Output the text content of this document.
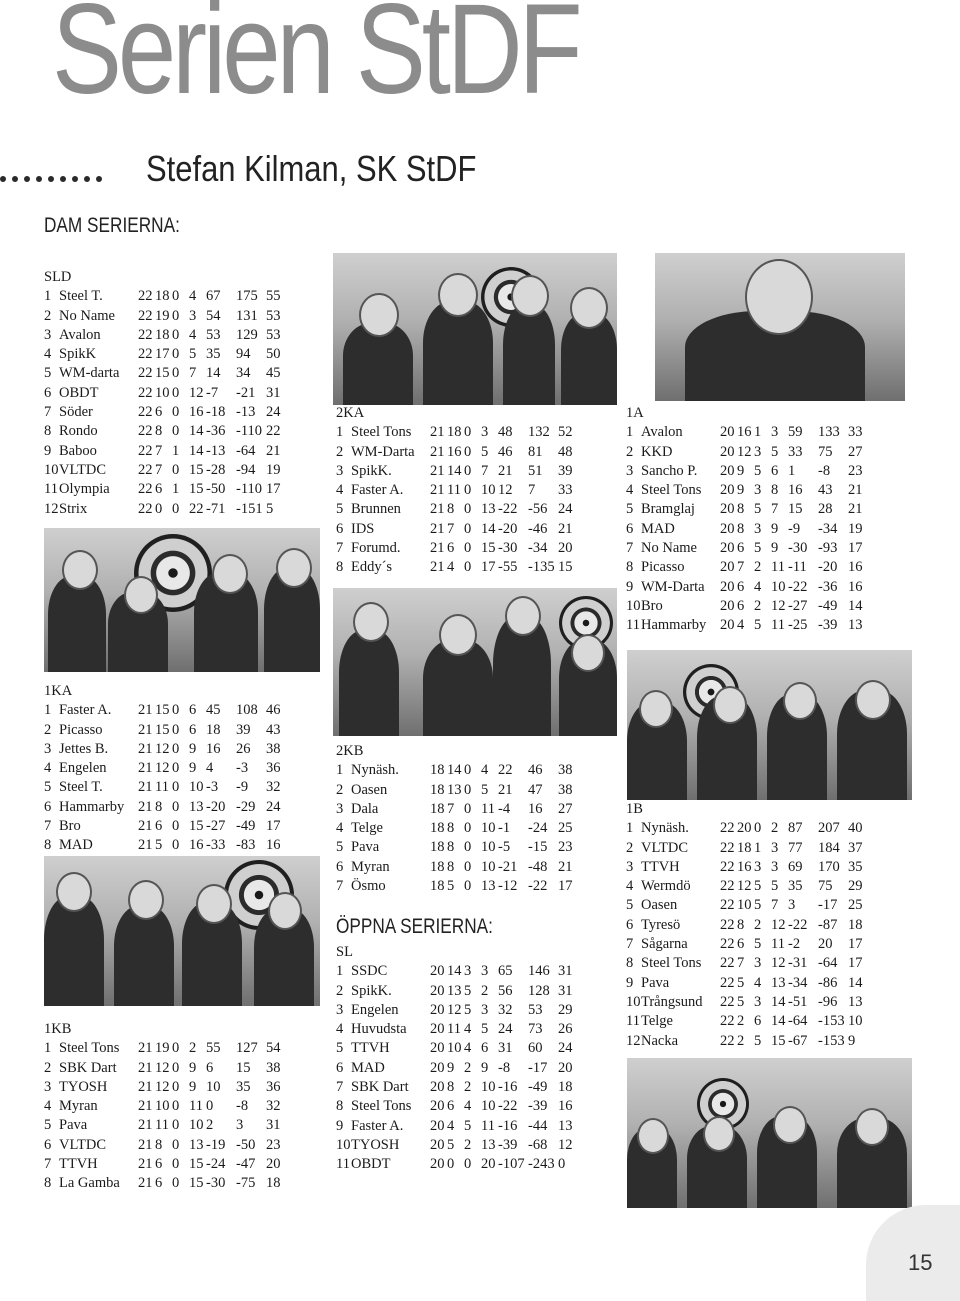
Serien StDF
Stefan Kilman, SK StDF
DAM SERIERNA:
SLD
1 Steel T.	22 18 0 4 67	175 55
2 No Name	22 19 0 3 54	131 53
3 Avalon	22 18 0 4 53	129 53
4 SpikK	22 17 0 5 35	94	50
5 WM-darta	22 15 0 7 14	34	45
6 OBDT	22 10 0 12 -7	-21 31
7 Söder	22 6 0 16 -18 -13 24
8 Rondo	22 8 0 14 -36 -110 22
9 Baboo	22 7 1 14 -13 -64 21
10 VLTDC	22 7 0 15 -28 -94 19
11 Olympia	22 6 1 15 -50 -110 17
12 Strix	22 0 0 22 -71 -151 5
2KA
1 Steel Tons	21 18 0 3 48	132 52
2 WM-Darta	21 16 0 5 46	81	48
3 SpikK.	21 14 0 7 21	51	39
4 Faster A.	21 11 0 10 12	7	33
5 Brunnen	21 8 0 13 -22 -56 24
6 IDS	21 7 0 14 -20 -46 21
7 Forumd.	21 6 0 15 -30 -34 20
8 Eddy´s	21 4 0 17 -55 -135 15
1A
1 Avalon	20 16 1 3 59	133 33
2 KKD	20 12 3 5 33	75	27
3 Sancho P.	20 9 5 6 1	-8	23
4 Steel Tons	20 9 3 8 16	43	21
5 Bramglaj	20 8 5 7 15	28	21
6 MAD	20 8 3 9 -9	-34 19
7 No Name	20 6 5 9 -30 -93 17
8 Picasso	20 7 2 11 -11 -20 16
9 WM-Darta	20 6 4 10 -22 -36 16
10 Bro	20 6 2 12 -27 -49 14
11 Hammarby 20 4 5 11 -25 -39 13
1KA
1 Faster A.	21 15 0 6 45	108 46
2 Picasso	21 15 0 6 18	39	43
3 Jettes B.	21 12 0 9 16	26	38
4 Engelen	21 12 0 9 4	-3	36
5 Steel T.	21 11 0 10 -3	-9	32
6 Hammarby 21 8 0 13 -20 -29 24
7 Bro	21 6 0 15 -27 -49 17
8 MAD	21 5 0 16 -33 -83 16
2KB
1 Nynäsh.	18 14 0 4 22	46	38
2 Oasen	18 13 0 5 21	47	38
3 Dala	18 7 0 11 -4	16	27
4 Telge	18 8 0 10 -1	-24 25
5 Pava	18 8 0 10 -5	-15 23
6 Myran	18 8 0 10 -21 -48 21
7 Ösmo	18 5 0 13 -12 -22 17
1KB
1 Steel Tons	21 19 0 2 55	127 54
2 SBK Dart	21 12 0 9 6	15	38
3 TYOSH	21 12 0 9 10	35	36
4 Myran	21 10 0 11 0	-8	32
5 Pava	21 11 0 10 2	3	31
6 VLTDC	21 8 0 13 -19 -50 23
7 TTVH	21 6 0 15 -24 -47 20
8 La Gamba	21 6 0 15 -30 -75 18
ÖPPNA SERIERNA:
SL
1 SSDC	20 14 3 3 65	146 31
2 SpikK.	20 13 5 2 56	128 31
3 Engelen	20 12 5 3 32	53	29
4 Huvudsta	20 11 4 5 24	73	26
5 TTVH	20 10 4 6 31	60	24
6 MAD	20 9 2 9 -8	-17 20
7 SBK Dart	20 8 2 10 -16 -49 18
8 Steel Tons	20 6 4 10 -22 -39 16
9 Faster A.	20 4 5 11 -16 -44 13
10 TYOSH	20 5 2 13 -39 -68 12
11 OBDT	20 0 0 20 -107 -243 0
1B
1 Nynäsh.	22 20 0 2 87	207 40
2 VLTDC	22 18 1 3 77	184 37
3 TTVH	22 16 3 3 69	170 35
4 Wermdö	22 12 5 5 35	75	29
5 Oasen	22 10 5 7 3	-17 25
6 Tyresö	22 8 2 12 -22 -87 18
7 Sågarna	22 6 5 11 -2	20	17
8 Steel Tons	22 7 3 12 -31 -64 17
9 Pava	22 5 4 13 -34 -86 14
10 Trångsund	22 5 3 14 -51 -96 13
11 Telge	22 2 6 14 -64 -153 10
12 Nacka	22 2 5 15 -67 -153 9
15
